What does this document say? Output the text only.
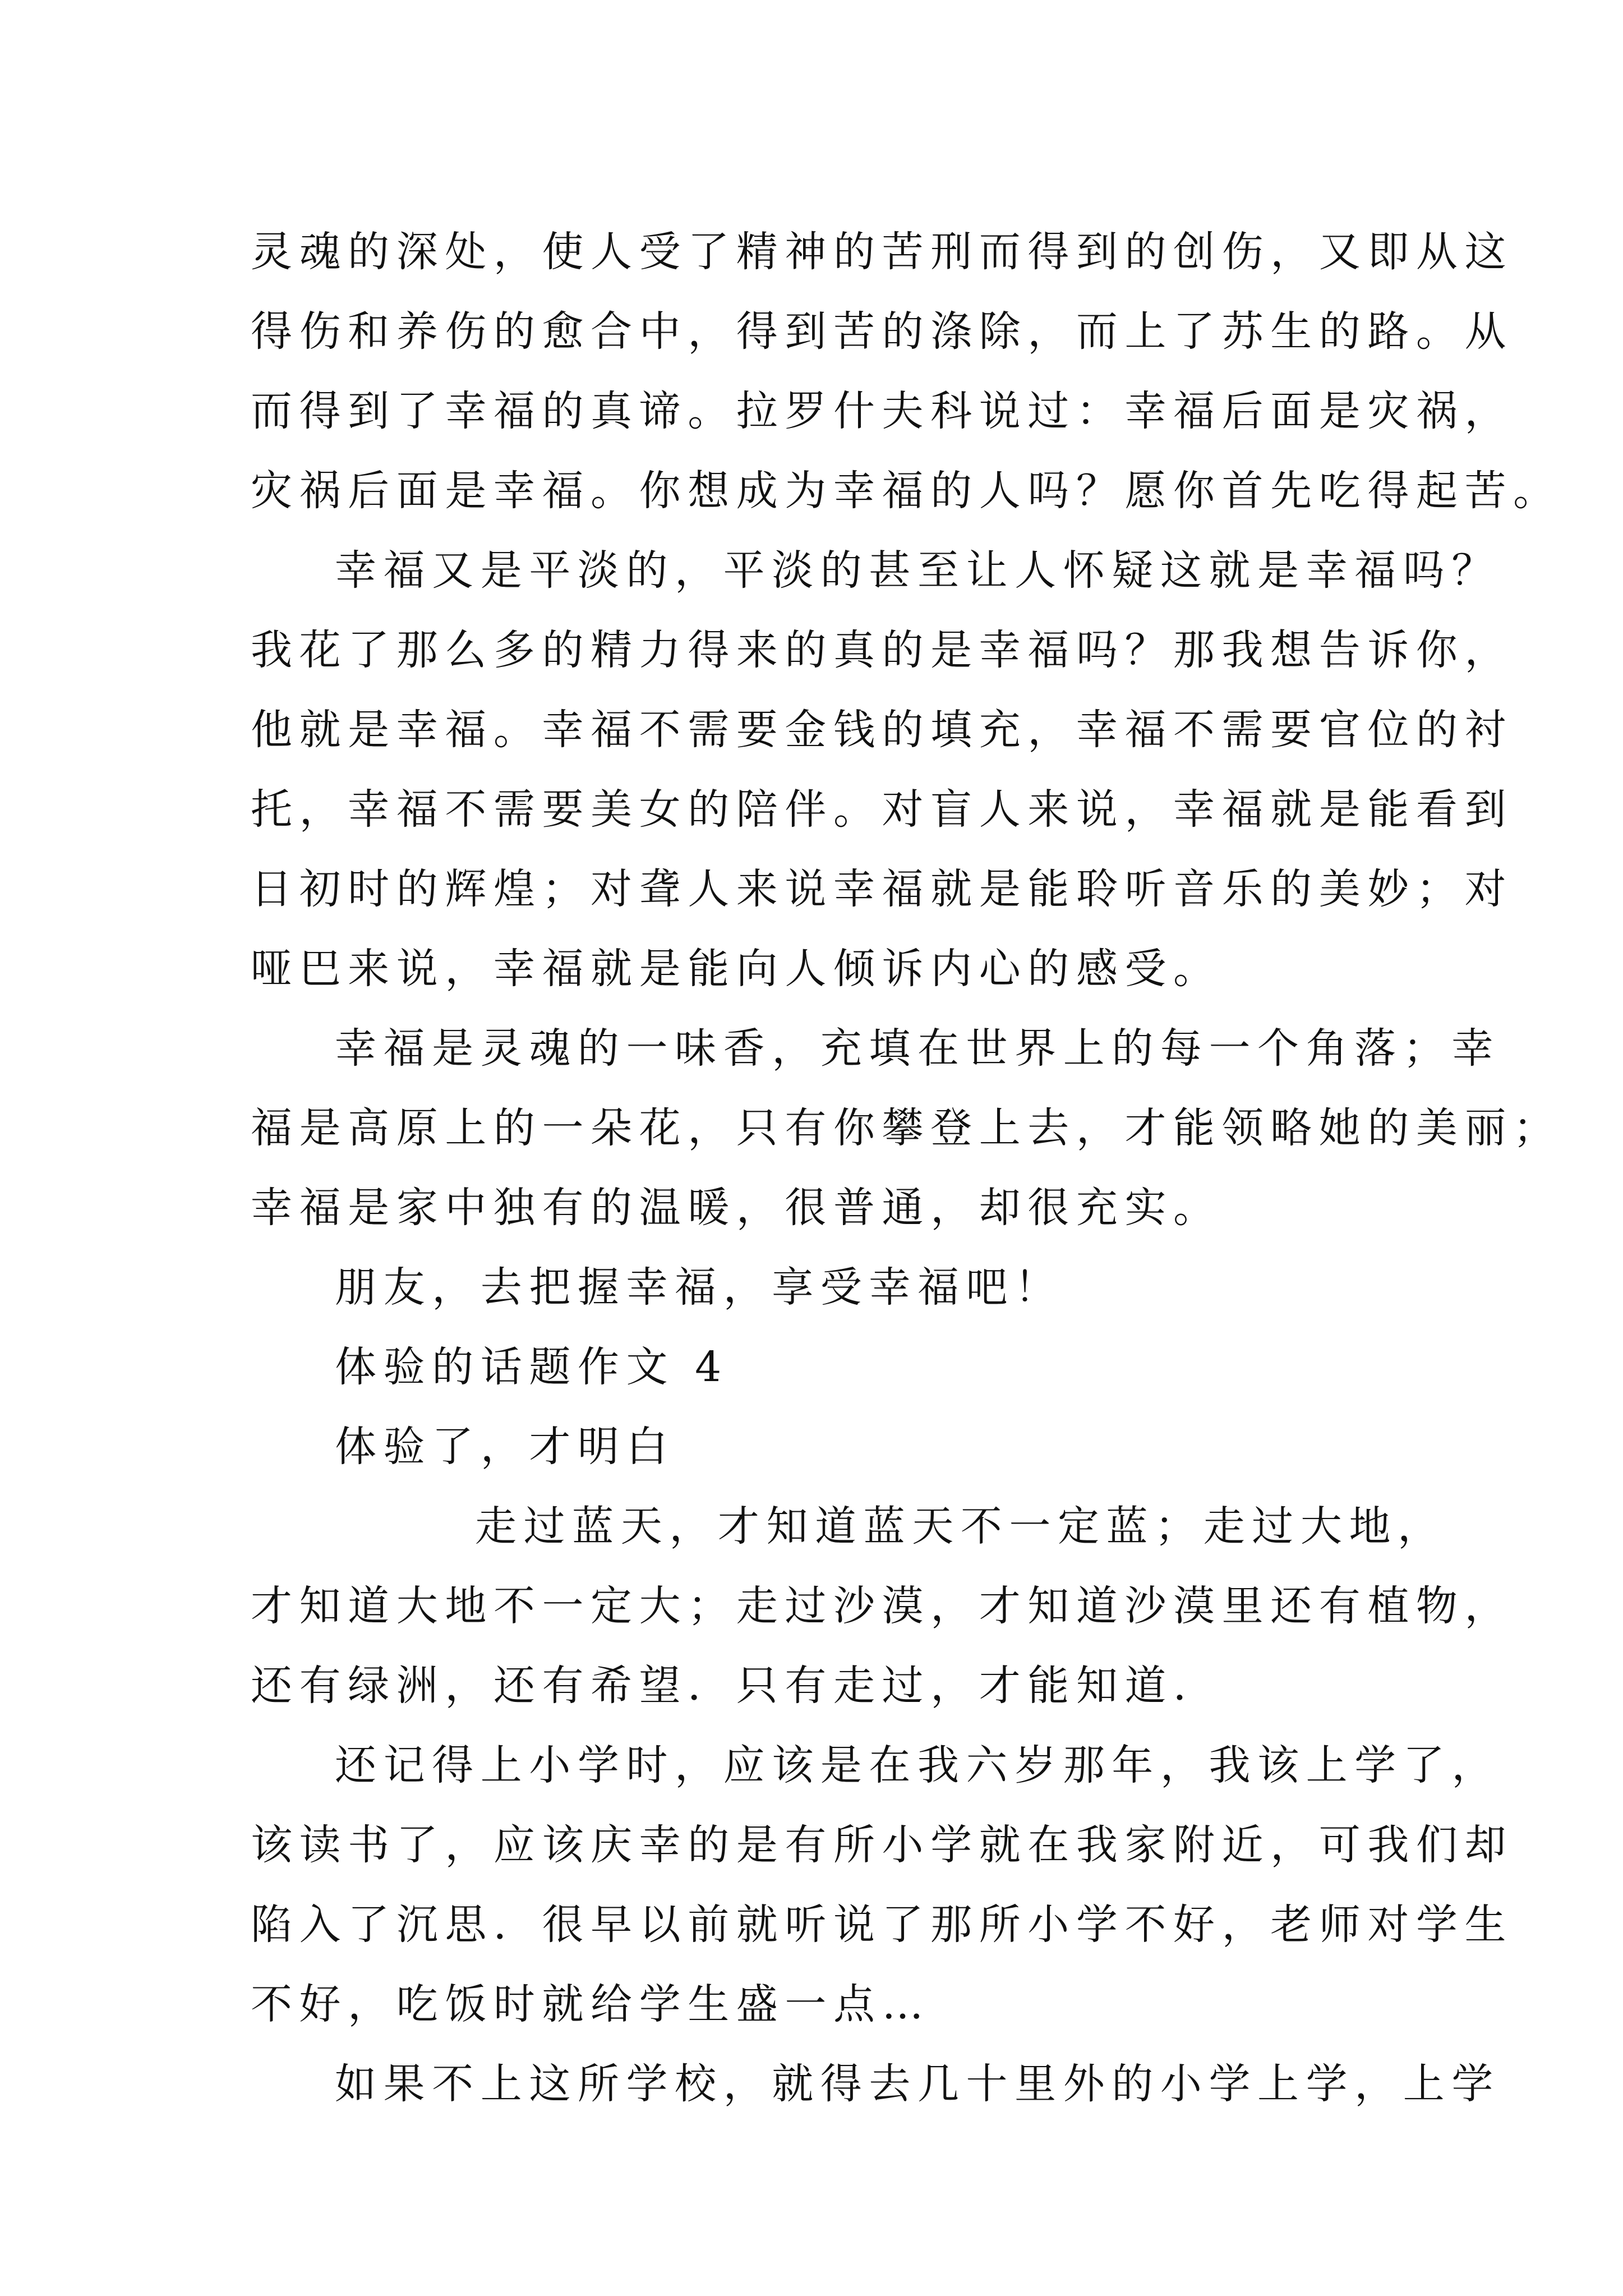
灵魂的深处，使人受了精神的苦刑而得到的创伤，又即从这
得伤和养伤的愈合中，得到苦的涤除，而上了苏生的路。从
而得到了幸福的真谛。拉罗什夫科说过：幸福后面是灾祸，
灾祸后面是幸福。你想成为幸福的人吗？愿你首先吃得起苦。
幸福又是平淡的，平淡的甚至让人怀疑这就是幸福吗？
我花了那么多的精力得来的真的是幸福吗？那我想告诉你，
他就是幸福。幸福不需要金钱的填充，幸福不需要官位的衬
托，幸福不需要美女的陪伴。对盲人来说，幸福就是能看到
日初时的辉煌；对聋人来说幸福就是能聆听音乐的美妙；对
哑巴来说，幸福就是能向人倾诉内心的感受。
幸福是灵魂的一味香，充填在世界上的每一个角落；幸
福是高原上的一朵花，只有你攀登上去，才能领略她的美丽；
幸福是家中独有的温暖，很普通，却很充实。
朋友，去把握幸福，享受幸福吧！
体验的话题作文 4
体验了，才明白
走过蓝天，才知道蓝天不一定蓝；走过大地，
才知道大地不一定大；走过沙漠，才知道沙漠里还有植物，
还有绿洲，还有希望．只有走过，才能知道．
还记得上小学时，应该是在我六岁那年，我该上学了，
该读书了，应该庆幸的是有所小学就在我家附近，可我们却
陷入了沉思．很早以前就听说了那所小学不好，老师对学生
不好，吃饭时就给学生盛一点…
如果不上这所学校，就得去几十里外的小学上学，上学
